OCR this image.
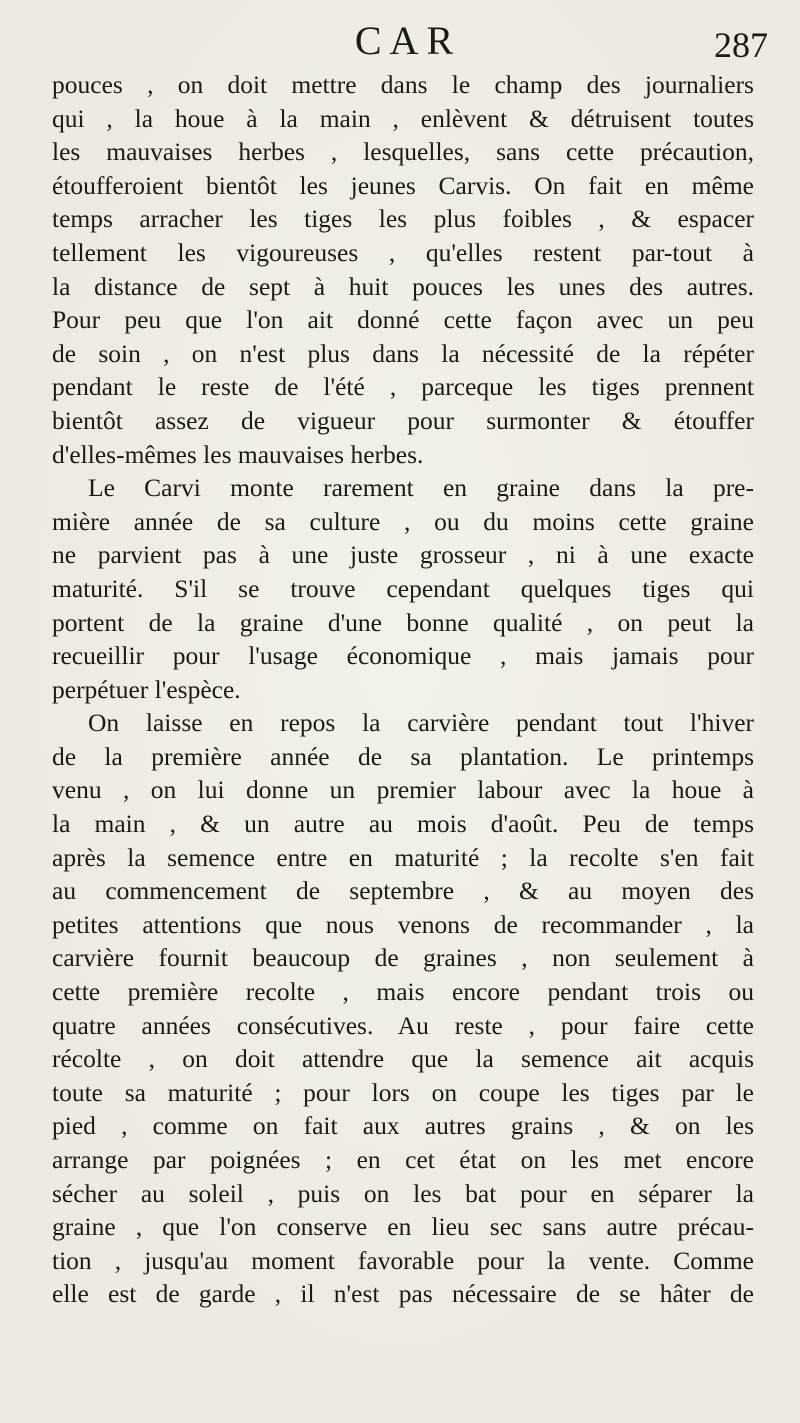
CAR	287
pouces , on doit mettre dans le champ des journaliers
qui , la houe à la main , enlèvent & détruisent toutes
les mauvaises herbes , lesquelles, sans cette précaution,
étoufferoient bientôt les jeunes Carvis. On fait en même
temps arracher les tiges les plus foibles , & espacer
tellement les vigoureuses , qu'elles restent par-tout à
la distance de sept à huit pouces les unes des autres.
Pour peu que l'on ait donné cette façon avec un peu
de soin , on n'est plus dans la nécessité de la répéter
pendant le reste de l'été , parceque les tiges prennent
bientôt assez de vigueur pour surmonter & étouffer
d'elles-mêmes les mauvaises herbes.
Le Carvi monte rarement en graine dans la pre-
mière année de sa culture , ou du moins cette graine
ne parvient pas à une juste grosseur , ni à une exacte
maturité. S'il se trouve cependant quelques tiges qui
portent de la graine d'une bonne qualité , on peut la
recueillir pour l'usage économique , mais jamais pour
perpétuer l'espèce.
On laisse en repos la carvière pendant tout l'hiver
de la première année de sa plantation. Le printemps
venu , on lui donne un premier labour avec la houe à
la main , & un autre au mois d'août. Peu de temps
après la semence entre en maturité ; la recolte s'en fait
au commencement de septembre , & au moyen des
petites attentions que nous venons de recommander , la
carvière fournit beaucoup de graines , non seulement à
cette première recolte , mais encore pendant trois ou
quatre années consécutives. Au reste , pour faire cette
récolte , on doit attendre que la semence ait acquis
toute sa maturité ; pour lors on coupe les tiges par le
pied , comme on fait aux autres grains , & on les
arrange par poignées ; en cet état on les met encore
sécher au soleil , puis on les bat pour en séparer la
graine , que l'on conserve en lieu sec sans autre précau-
tion , jusqu'au moment favorable pour la vente. Comme
elle est de garde , il n'est pas nécessaire de se hâter de
